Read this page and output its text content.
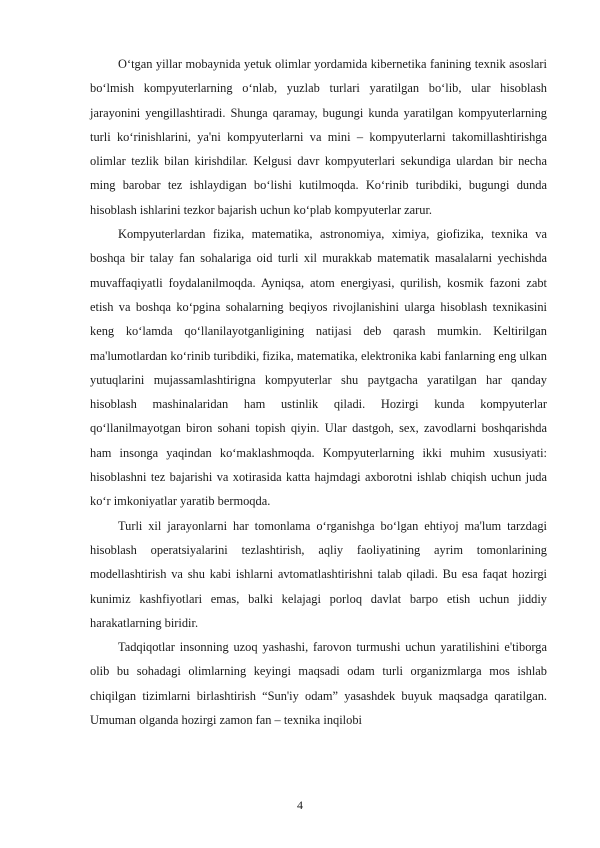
O‘tgan yillar mobaynida yetuk olimlar yordamida kibernetika fanining texnik asoslari bo‘lmish kompyuterlarning o‘nlab, yuzlab turlari yaratilgan bo‘lib, ular hisoblash jarayonini yengillashtiradi. Shunga qaramay, bugungi kunda yaratilgan kompyuterlarning turli ko‘rinishlarini, ya'ni kompyuterlarni va mini – kompyuterlarni takomillashtirishga olimlar tezlik bilan kirishdilar. Kelgusi davr kompyuterlari sekundiga ulardan bir necha ming barobar tez ishlaydigan bo‘lishi kutilmoqda. Ko‘rinib turibdiki, bugungi dunda hisoblash ishlarini tezkor bajarish uchun ko‘plab kompyuterlar zarur.

Kompyuterlardan fizika, matematika, astronomiya, ximiya, giofizika, texnika va boshqa bir talay fan sohalariga oid turli xil murakkab matematik masalalarni yechishda muvaffaqiyatli foydalanilmoqda. Ayniqsa, atom energiyasi, qurilish, kosmik fazoni zabt etish va boshqa ko‘pgina sohalarning beqiyos rivojlanishini ularga hisoblash texnikasini keng ko‘lamda qo‘llanilayotganligining natijasi deb qarash mumkin. Keltirilgan ma'lumotlardan ko‘rinib turibdiki, fizika, matematika, elektronika kabi fanlarning eng ulkan yutuqlarini mujassamlashtirigna kompyuterlar shu paytgacha yaratilgan har qanday hisoblash mashinalaridan ham ustinlik qiladi. Hozirgi kunda kompyuterlar qo‘llanilmayotgan biron sohani topish qiyin. Ular dastgoh, sex, zavodlarni boshqarishda ham insonga yaqindan ko‘maklashmoqda. Kompyuterlarning ikki muhim xususiyati: hisoblashni tez bajarishi va xotirasida katta hajmdagi axborotni ishlab chiqish uchun juda ko‘r imkoniyatlar yaratib bermoqda.

Turli xil jarayonlarni har tomonlama o‘rganishga bo‘lgan ehtiyoj ma'lum tarzdagi hisoblash operatsiyalarini tezlashtirish, aqliy faoliyatining ayrim tomonlarining modellashtirish va shu kabi ishlarni avtomatlashtirishni talab qiladi. Bu esa faqat hozirgi kunimiz kashfiyotlari emas, balki kelajagi porloq davlat barpo etish uchun jiddiy harakatlarning biridir.

Tadqiqotlar insonning uzoq yashashi, farovon turmushi uchun yaratilishini e'tiborga olib bu sohadagi olimlarning keyingi maqsadi odam turli organizmlarga mos ishlab chiqilgan tizimlarni birlashtirish “Sun'iy odam” yasashdek buyuk maqsadga qaratilgan. Umuman olganda hozirgi zamon fan – texnika inqilobi

4
